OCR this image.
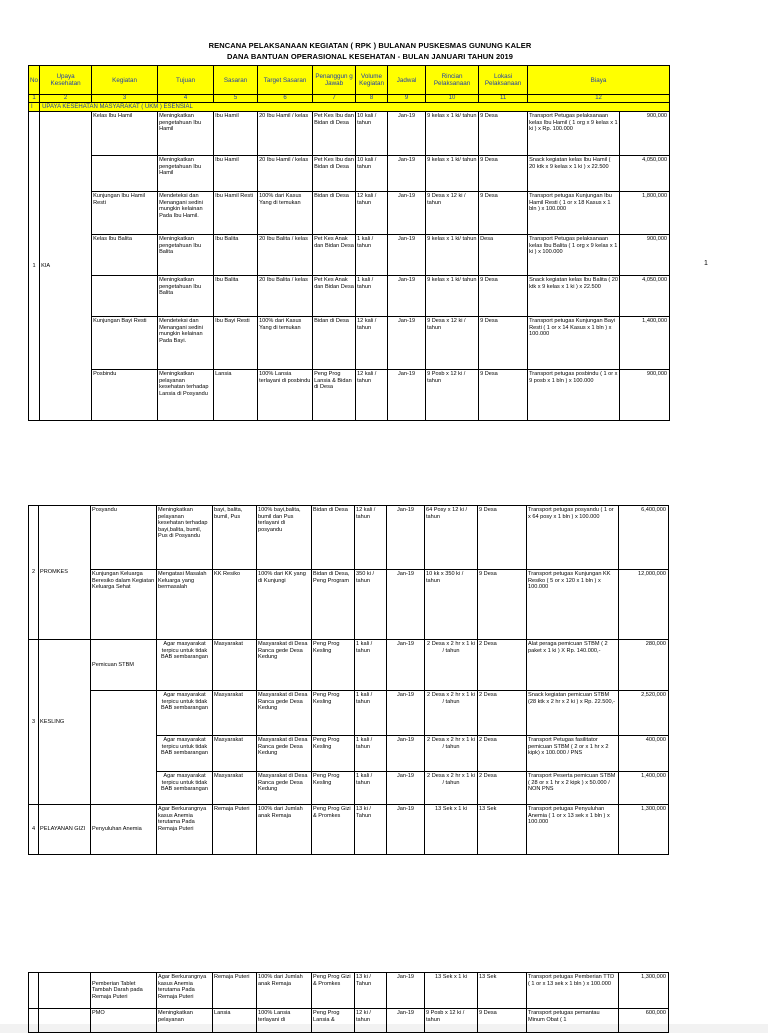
RENCANA PELAKSANAAN KEGIATAN ( RPK ) BULANAN PUSKESMAS GUNUNG KALER
DANA BANTUAN OPERASIONAL KESEHATAN - BULAN JANUARI TAHUN 2019
1
No	Upaya Kesehatan	Kegiatan	Tujuan	Sasaran	Target Sasaran	Penanggun g Jawab	Volume Kegiatan	Jadwal	Rincian Pelaksanaan	Lokasi Pelaksanaan	Biaya	
1	2	3	4	5	6	7	8	9	10	11	12	
I	UPAYA KESEHATAN MASYARAKAT ( UKM ) ESENSIAL											
1	KIA	Kelas Ibu Hamil	Meningkatkan pengetahuan Ibu Hamil	Ibu Hamil	20 Ibu Hamil / kelas	Pet Kes Ibu dan Bidan di Desa	10 kali / tahun	Jan-19	9 kelas x 1 ki/ tahun	9 Desa	Transport Petugas pelaksanaan kelas Ibu Hamil ( 1 org x 9 kelas x 1 ki ) x Rp. 100.000	900,000
			Meningkatkan pengetahuan Ibu Hamil	Ibu Hamil	20 Ibu Hamil / kelas	Pet Kes Ibu dan Bidan di Desa	10 kali / tahun	Jan-19	9 kelas x 1 ki/ tahun	9 Desa	Snack kegiatan kelas Ibu Hamil ( 20 ktk x 9 kelas x 1 ki ) x 22.500	4,050,000
		Kunjungan Ibu Hamil Resti	Mendeteksi dan Menangani sedini mungkin kelainan Pada Ibu Hamil.	Ibu Hamil Resti	100% dari Kasus Yang di temukan	Bidan di Desa	12 kali / tahun	Jan-19	9 Desa x 12 ki / tahun	9 Desa	Transport petugas Kunjungan Ibu Hamil Resti ( 1 or x 18 Kasus x 1 bln ) x 100.000	1,800,000
		Kelas Ibu Balita	Meningkatkan pengetahuan Ibu Balita	Ibu Balita	20 Ibu Balita / kelas	Pet Kes Anak dan Bidan Desa	1 kali / tahun	Jan-19	9 kelas x 1 ki/ tahun	Desa	Transport Petugas pelaksanaan kelas Ibu Balita ( 1 org x 9 kelas x 1 ki ) x 100.000	900,000
			Meningkatkan pengetahuan Ibu Balita	Ibu Balita	20 Ibu Balita / kelas	Pet Kes Anak dan Bidan Desa	1 kali / tahun	Jan-19	9 kelas x 1 ki/ tahun	9 Desa	Snack kegiatan kelas Ibu Balita ( 20 ktk x 9 kelas x 1 ki ) x 22.500	4,050,000
		Kunjungan Bayi Resti	Mendeteksi dan Menangani sedini mungkin kelainan Pada Bayi.	Ibu Bayi Resti	100% dari Kasus Yang di temukan	Bidan di Desa	12 kali / tahun	Jan-19	9 Desa x 12 ki / tahun	9 Desa	Transport petugas Kunjungan Bayi Resti ( 1 or x 14 Kasus x 1 bln ) x 100.000	1,400,000
		Posbindu	Meningkatkan pelayanan kesehatan terhadap Lansia di Posyandu	Lansia	100% Lansia terlayani di posbindu	Peng Prog Lansia & Bidan di Desa	12 kali / tahun	Jan-19	9 Posb x 12 ki / tahun	9 Desa	Transport petugas posbindu ( 1 or x 9 posb x 1 bln ) x 100.000	900,000
2	PROMKES	Posyandu	Meningkatkan pelayanan kesehatan terhadap bayi,balita, bumil, Pus di Posyandu	bayi, balita, bumil, Pus	100% bayi,balita, bumil dan Pus terlayani di posyandu	Bidan di Desa	12 kali / tahun	Jan-19	64 Posy x 12 ki / tahun	9 Desa	Transport petugas posyandu ( 1 or x 64 posy x 1 bln ) x 100.000	6,400,000
		Kunjungan Keluarga Beresiko dalam Kegiatan Keluarga Sehat	Mengatasi Masalah Keluarga yang bermasalah	KK Resiko	100% dari KK yang di Kunjungi	Bidan di Desa, Peng Program	350 ki / tahun	Jan-19	10 kk x 350 ki / tahun	9 Desa	Transport petugas Kunjungan KK Resiko ( 5 or x 120 x 1 bln ) x 100.000	12,000,000
3	KESLING	Pemicuan STBM	Agar masyarakat terpicu untuk tidak BAB sembarangan	Masyarakat	Masyarakat di Desa Ranca gede Desa Kedung	Peng Prog Kesling	1 kali / tahun	Jan-19	2 Desa x 2 hr x 1 ki / tahun	2 Desa	Alat peraga pemicuan STBM ( 2 paket x 1 ki ) X Rp. 140.000,-	280,000
			Agar masyarakat terpicu untuk tidak BAB sembarangan	Masyarakat	Masyarakat di Desa Ranca gede Desa Kedung	Peng Prog Kesling	1 kali / tahun	Jan-19	2 Desa x 2 hr x 1 ki / tahun	2 Desa	Snack kegiatan pemicuan STBM (28 ktk x 2 hr x 2 ki ) x Rp. 22.500,-	2,520,000
			Agar masyarakat terpicu untuk tidak BAB sembarangan	Masyarakat	Masyarakat di Desa Ranca gede Desa Kedung	Peng Prog Kesling	1 kali / tahun	Jan-19	2 Desa x 2 hr x 1 ki / tahun	2 Desa	Transport Petugas fasilitator pemicuan STBM ( 2 or x 1 hr x 2 kipk) x 100.000 / PNS	400,000
			Agar masyarakat terpicu untuk tidak BAB sembarangan	Masyarakat	Masyarakat di Desa Ranca gede Desa Kedung	Peng Prog Kesling	1 kali / tahun	Jan-19	2 Desa x 2 hr x 1 ki / tahun	2 Desa	Transport Peserta pemicuan STBM ( 28 or x 1 hr x 2 kipk ) x 50.000 / NON PNS	1,400,000
4	PELAYANAN GIZI	Penyuluhan Anemia	Agar Berkurangnya kasus Anemia terutama Pada Remaja Puteri	Remaja Puteri	100% dari Jumlah anak Remaja	Peng Prog Gizi & Promkes	13 ki / Tahun	Jan-19	13 Sek x 1 ki	13 Sek	Transport petugas Penyuluhan Anemia ( 1 or x 13 sek x 1 bln ) x 100.000	1,300,000
		Pemberian Tablet Tambah Darah pada Remaja Puteri	Agar Berkurangnya kasus Anemia terutama Pada Remaja Puteri	Remaja Puteri	100% dari Jumlah anak Remaja	Peng Prog Gizi & Promkes	13 ki / Tahun	Jan-19	13 Sek x 1 ki	13 Sek	Transport petugas Pemberian TTD ( 1 or x 13 sek x 1 bln ) x 100.000	1,300,000
		PMO	Meningkatkan pelayanan	Lansia	100% Lansia terlayani di	Peng Prog Lansia &	12 ki / tahun	Jan-19	9 Posb x 12 ki / tahun	9 Desa	Transport petugas pemantau Minum Obat ( 1	600,000
